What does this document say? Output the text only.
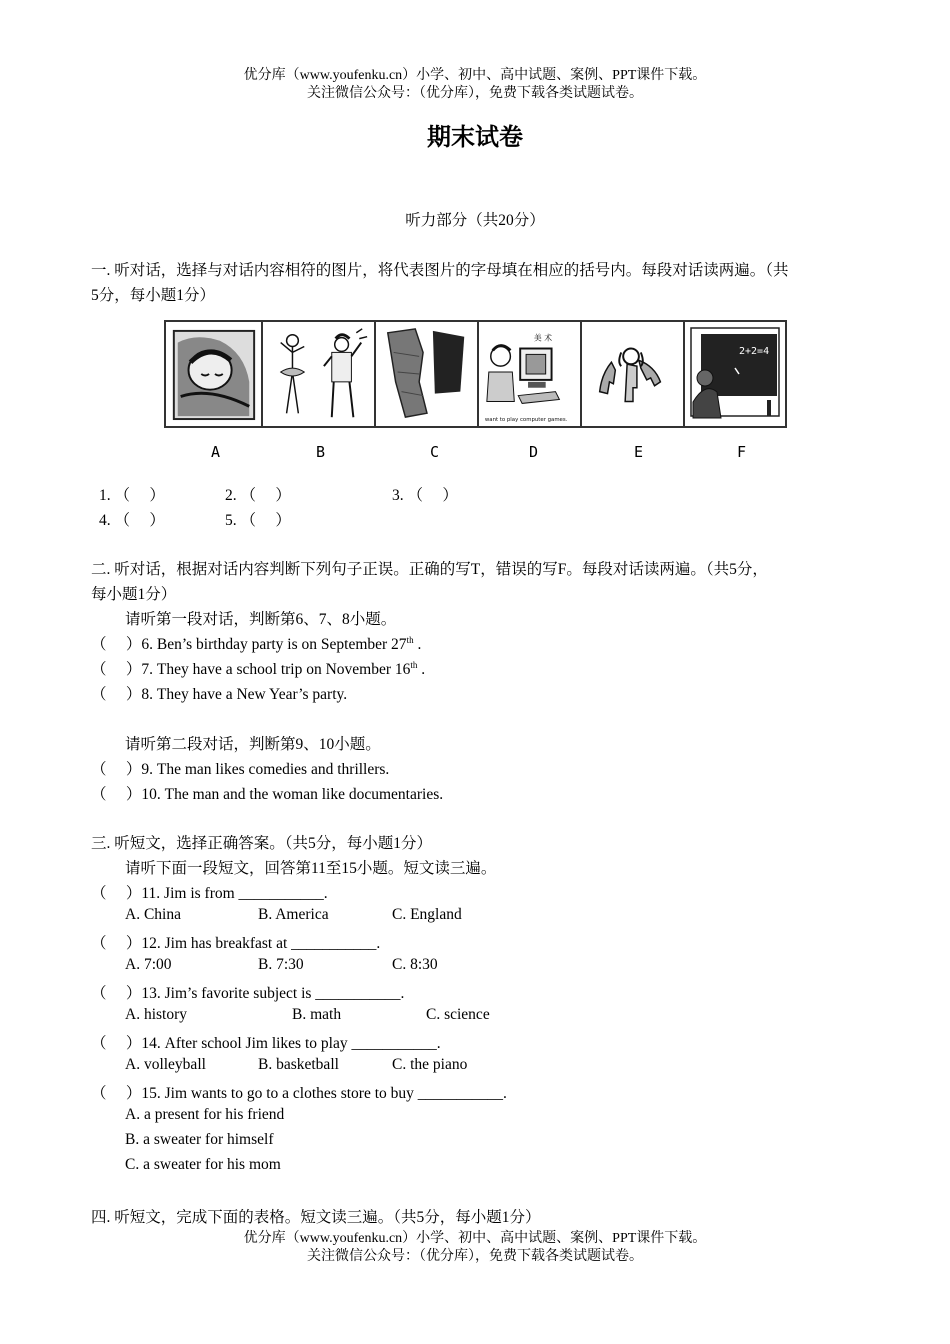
优分库（www.youfenku.cn）小学、初中、高中试题、案例、PPT课件下载。
关注微信公众号：（优分库），免费下载各类试题试卷。
期末试卷
听力部分（共20分）
一. 听对话，选择与对话内容相符的图片，将代表图片的字母填在相应的括号内。每段对话读两遍。（共
5分，每小题1分）
美 术
want to play computer games.
2+2=4
A	B	C	D	E	F
1. （　 ）	2. （　 ）	3. （　 ）
4. （　 ）	5. （　 ）
二. 听对话，根据对话内容判断下列句子正误。正确的写T，错误的写F。每段对话读两遍。（共5分，
每小题1分）
请听第一段对话，判断第6、7、8小题。
（　 ）6. Ben’s birthday party is on September 27th .
（　 ）7. They have a school trip on November 16th .
（　 ）8. They have a New Year’s party.
请听第二段对话，判断第9、10小题。
（　 ）9. The man likes comedies and thrillers.
（　 ）10. The man and the woman like documentaries.
三. 听短文，选择正确答案。（共5分，每小题1分）
请听下面一段短文，回答第11至15小题。短文读三遍。
（　 ）11. Jim is from ___________.
A. China	B. America	C. England
（　 ）12. Jim has breakfast at ___________.
A. 7:00	B. 7:30	C. 8:30
（　 ）13. Jim’s favorite subject is ___________.
A. history	B. math	C. science
（　 ）14. After school Jim likes to play ___________.
A. volleyball	B. basketball	C. the piano
（　 ）15. Jim wants to go to a clothes store to buy ___________.
A. a present for his friend
B. a sweater for himself
C. a sweater for his mom
四. 听短文，完成下面的表格。短文读三遍。（共5分，每小题1分）
优分库（www.youfenku.cn）小学、初中、高中试题、案例、PPT课件下载。
关注微信公众号：（优分库），免费下载各类试题试卷。
